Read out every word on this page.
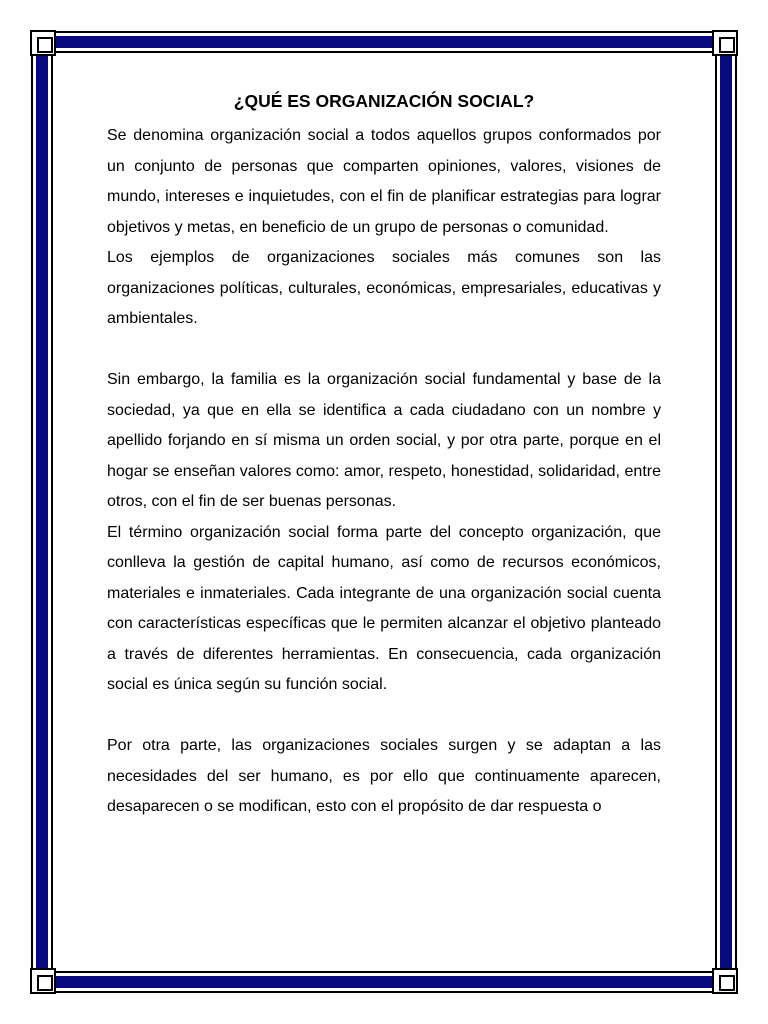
¿QUÉ ES ORGANIZACIÓN SOCIAL?

Se denomina organización social a todos aquellos grupos conformados por un conjunto de personas que comparten opiniones, valores, visiones de mundo, intereses e inquietudes, con el fin de planificar estrategias para lograr objetivos y metas, en beneficio de un grupo de personas o comunidad.

Los ejemplos de organizaciones sociales más comunes son las organizaciones políticas, culturales, económicas, empresariales, educativas y ambientales.

Sin embargo, la familia es la organización social fundamental y base de la sociedad, ya que en ella se identifica a cada ciudadano con un nombre y apellido forjando en sí misma un orden social, y por otra parte, porque en el hogar se enseñan valores como: amor, respeto, honestidad, solidaridad, entre otros, con el fin de ser buenas personas.

El término organización social forma parte del concepto organización, que conlleva la gestión de capital humano, así como de recursos económicos, materiales e inmateriales. Cada integrante de una organización social cuenta con características específicas que le permiten alcanzar el objetivo planteado a través de diferentes herramientas. En consecuencia, cada organización social es única según su función social.

Por otra parte, las organizaciones sociales surgen y se adaptan a las necesidades del ser humano, es por ello que continuamente aparecen, desaparecen o se modifican, esto con el propósito de dar respuesta o
